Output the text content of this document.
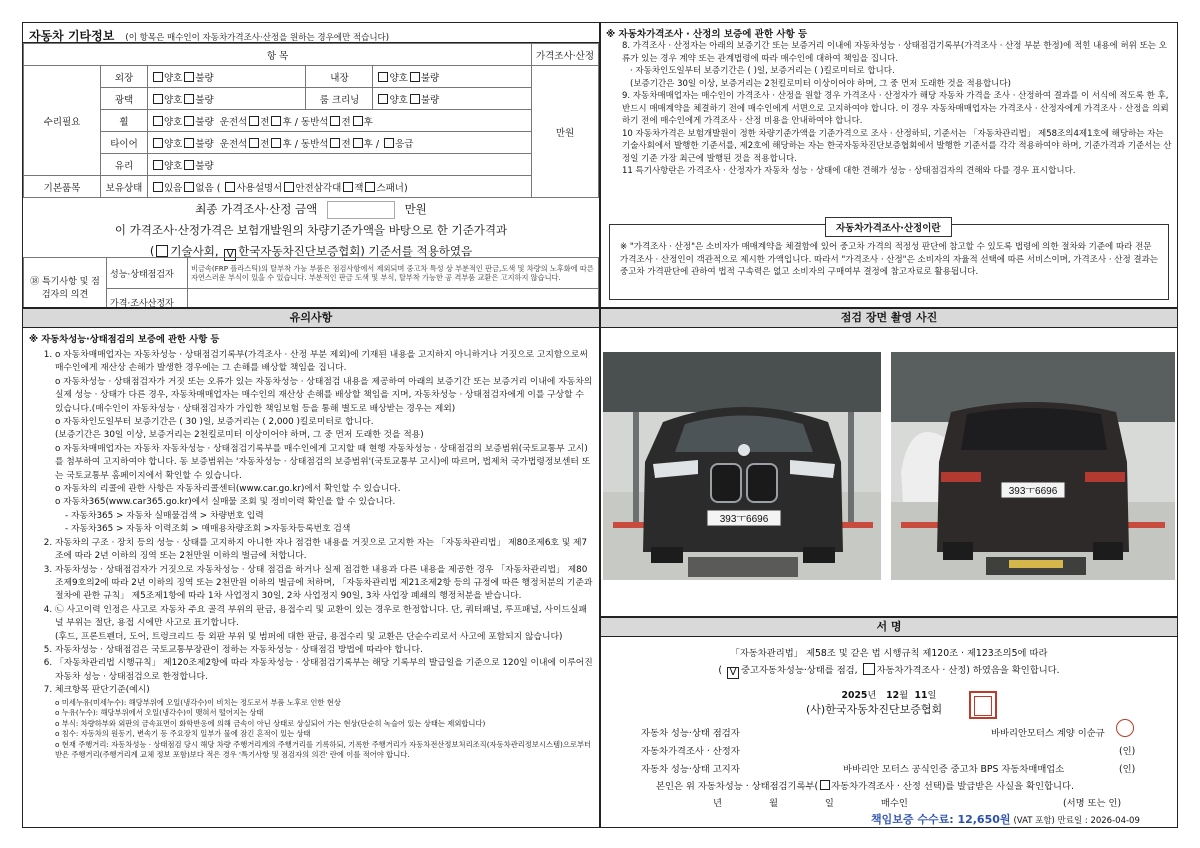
자동차 기타정보 (이 항목은 매수인이 자동차가격조사·산정을 원하는 경우에만 적습니다)
항 목					가격조사·산정
수리필요	외장	양호 불량	내장	양호 불량	만원
	광택	양호 불량	룸 크리닝	양호 불량	
	휠	양호 불량 운전석 전 후 / 동반석 전 후			
	타이어	양호 불량 운전석 전 후 / 동반석 전 후 / 응급			
	유리	양호 불량			
기본품목	보유상태	있음 없음 ( 사용설명서 안전삼각대 잭 스패너)			
최종 가격조사·산정 금액	만원
이 가격조사·산정가격은 보험개발원의 차량기준가액을 바탕으로 한 기준가격과
( 기술사회, V 한국자동차진단보증협회) 기준서를 적용하였음
⑱ 특기사항 및 점검자의 의견	성능·상태점검자	비금속(FRP 플라스틱)의 탈부착 가능 부품은 점검사항에서 제외되며 중고차 특성 상 부분적인 판금,도색 및 차량의 노후화에 따른 자연스러운 부식이 있을 수 있습니다. 부분적인 판금 도색 및 부식, 탈부착 가능한 공 격부품 교환은 고지하지 않습니다.
	가격·조사산정자	
※ 자동차가격조사 · 산정의 보증에 관한 사항 등
8. 가격조사 · 산정자는 아래의 보증기간 또는 보증거리 이내에 자동차성능 · 상태점검기록부(가격조사 · 산정 부분 한정)에 적힌 내용에 허위 또는 오류가 있는 경우 계약 또는 관계법령에 따라 매수인에 대하여 책임을 집니다.
· 자동차인도일부터 보증기간은 ( )일, 보증거리는 ( )킬로미터로 합니다.
(보증기간은 30일 이상, 보증거리는 2천킬로미터 이상이어야 하며, 그 중 먼저 도래한 것을 적용합니다)
9. 자동차매매업자는 매수인이 가격조사 · 산정을 원할 경우 가격조사 · 산정자가 해당 자동차 가격을 조사 · 산정하여 결과를 이 서식에 적도록 한 후, 반드시 매매계약을 체결하기 전에 매수인에게 서면으로 고지하여야 합니다. 이 경우 자동차매매업자는 가격조사 · 산정자에게 가격조사 · 산정을 의뢰하기 전에 매수인에게 가격조사 · 산정 비용을 안내하여야 합니다.
10 자동차가격은 보험개발원이 정한 차량기준가액을 기준가격으로 조사 · 산정하되, 기준서는 「자동차관리법」 제58조의4제1호에 해당하는 자는 기술사회에서 발행한 기준서를, 제2호에 해당하는 자는 한국자동차진단보증협회에서 발행한 기준서를 각각 적용하여야 하며, 기준가격과 기준서는 산정일 기준 가장 최근에 발행된 것을 적용합니다.
11 특기사항란은 가격조사 · 산정자가 자동차 성능 · 상태에 대한 견해가 성능 · 상태점검자의 견해와 다를 경우 표시합니다.
자동차가격조사·산정이란
※ "가격조사 · 산정"은 소비자가 매매계약을 체결함에 있어 중고차 가격의 적정성 판단에 참고할 수 있도록 법령에 의한 절차와 기준에 따라 전문 가격조사 · 산정인이 객관적으로 제시한 가액입니다. 따라서 "가격조사 · 산정"은 소비자의 자율적 선택에 따른 서비스이며, 가격조사 · 산정 결과는 중고차 가격판단에 관하여 법적 구속력은 없고 소비자의 구매여부 결정에 참고자료로 활용됩니다.
유의사항
※ 자동차성능·상태점검의 보증에 관한 사항 등
1. o 자동차매매업자는 자동차성능 · 상태점검기록부(가격조사 · 산정 부분 제외)에 기재된 내용을 고지하지 아니하거나 거짓으로 고지함으로써 매수인에게 재산상 손해가 발생한 경우에는 그 손해를 배상할 책임을 집니다.
o 자동차성능 · 상태점검자가 거짓 또는 오류가 있는 자동차성능 · 상태점검 내용을 제공하여 아래의 보증기간 또는 보증거리 이내에 자동차의 실제 성능 · 상태가 다른 경우, 자동차매매업자는 매수인의 재산상 손해를 배상할 책임을 지며, 자동차성능 · 상태점검자에게 이를 구상할 수 있습니다.(매수인이 자동차성능 · 상태점검자가 가입한 책임보험 등을 통해 별도로 배상받는 경우는 제외)
o 자동차인도일부터 보증기간은 ( 30 )일, 보증거리는 ( 2,000 )킬로미터로 합니다.
(보증기간은 30일 이상, 보증거리는 2천킬로미터 이상이어야 하며, 그 중 먼저 도래한 것을 적용)
o 자동차매매업자는 자동차 자동차성능 · 상태점검기록부를 매수인에게 고지할 때 현행 자동차성능 · 상태점검의 보증범위(국토교통부 고시)를 첨부하여 고지하여야 합니다. 동 보증범위는 '자동차성능 · 상태점검의 보증범위'(국토교통부 고시)에 따르며, 법제처 국가법령정보센터 또는 국토교통부 홈페이지에서 확인할 수 있습니다.
o 자동차의 리콜에 관한 사항은 자동차리콜센터(www.car.go.kr)에서 확인할 수 있습니다.
o 자동차365(www.car365.go.kr)에서 실매물 조회 및 정비이력 확인을 할 수 있습니다.
- 자동차365 > 자동차 실매물검색 > 차량번호 입력
- 자동차365 > 자동차 이력조회 > 매매용차량조회 >자동차등록번호 검색
2. 자동차의 구조 · 장치 등의 성능 · 상태를 고지하지 아니한 자나 점검한 내용을 거짓으로 고지한 자는 「자동차관리법」 제80조제6호 및 제7조에 따라 2년 이하의 징역 또는 2천만원 이하의 벌금에 처합니다.
3. 자동차성능 · 상태점검자가 거짓으로 자동차성능 · 상태 점검을 하거나 실제 점검한 내용과 다른 내용을 제공한 경우 「자동차관리법」 제80조제9호의2에 따라 2년 이하의 징역 또는 2천만원 이하의 벌금에 처하며, 「자동차관리법 제21조제2항 등의 규정에 따른 행정처분의 기준과 절차에 관한 규칙」 제5조제1항에 따라 1차 사업정지 30일, 2차 사업정지 90일, 3차 사업장 폐쇄의 행정처분을 받습니다.
4. ㉡ 사고이력 인정은 사고로 자동차 주요 골격 부위의 판금, 용접수리 및 교환이 있는 경우로 한정합니다. 단, 쿼터패널, 루프패널, 사이드실패널 부위는 절단, 용접 시에만 사고로 표기합니다.
(후드, 프론트펜더, 도어, 트렁크리드 등 외판 부위 및 범퍼에 대한 판금, 용접수리 및 교환은 단순수리로서 사고에 포함되지 않습니다)
5. 자동차성능 · 상태점검은 국토교통부장관이 정하는 자동차성능 · 상태점검 방법에 따라야 합니다.
6. 「자동차관리법 시행규칙」 제120조제2항에 따라 자동차성능 · 상태점검기록부는 해당 기록부의 발급일을 기준으로 120일 이내에 이루어진 자동차 성능 · 상태점검으로 한정합니다.
7. 체크항목 판단기준(예시)
o 미세누유(미세누수): 해당부위에 오일(냉각수)이 비치는 정도로서 부품 노후로 인한 현상
o 누유(누수): 해당부위에서 오일(냉각수)이 맺혀서 떨어지는 상태
o 부식: 차량하부와 외판의 금속표면이 화학반응에 의해 금속이 아닌 상태로 상실되어 가는 현상(단순히 녹슬어 있는 상태는 제외합니다)
o 침수: 자동차의 원동기, 변속기 등 주요장치 일부가 물에 잠긴 흔적이 있는 상태
o 현재 주행거리: 자동차성능 · 상태점검 당시 해당 차량 주행거리계의 주행거리를 기록하되, 기록한 주행거리가 자동차전산정보처리조직(자동차관리정보시스템)으로부터 받은 주행거리(주행거리계 교체 정보 포함)보다 적은 경우 '특기사항 및 점검자의 의견' 란에 이를 적어야 합니다.
점검 장면 촬영 사진
393ㅜ6696
393ㅜ6696
서 명
「자동차관리법」 제58조 및 같은 법 시행규칙 제120조 · 제123조의5에 따라
( V 중고자동차성능·상태를 점검, 자동차가격조사 · 산정) 하였음을 확인합니다.
2025년 12월 11일
(사)한국자동차진단보증협회
자동차 성능·상태 점검자	바바리안모터스 계양 이순규
자동차가격조사 · 산정자	(인)
자동차 성능·상태 고지자	바바리안 모터스 공식인증 중고차 BPS 자동차매매업소	(인)
본인은 위 자동차성능 · 상태점검기록부( 자동차가격조사 · 산정 선택)를 발급받은 사실을 확인합니다.
년	월	일	매수인	(서명 또는 인)
책임보증 수수료: 12,650원 (VAT 포함) 만료일 : 2026-04-09
